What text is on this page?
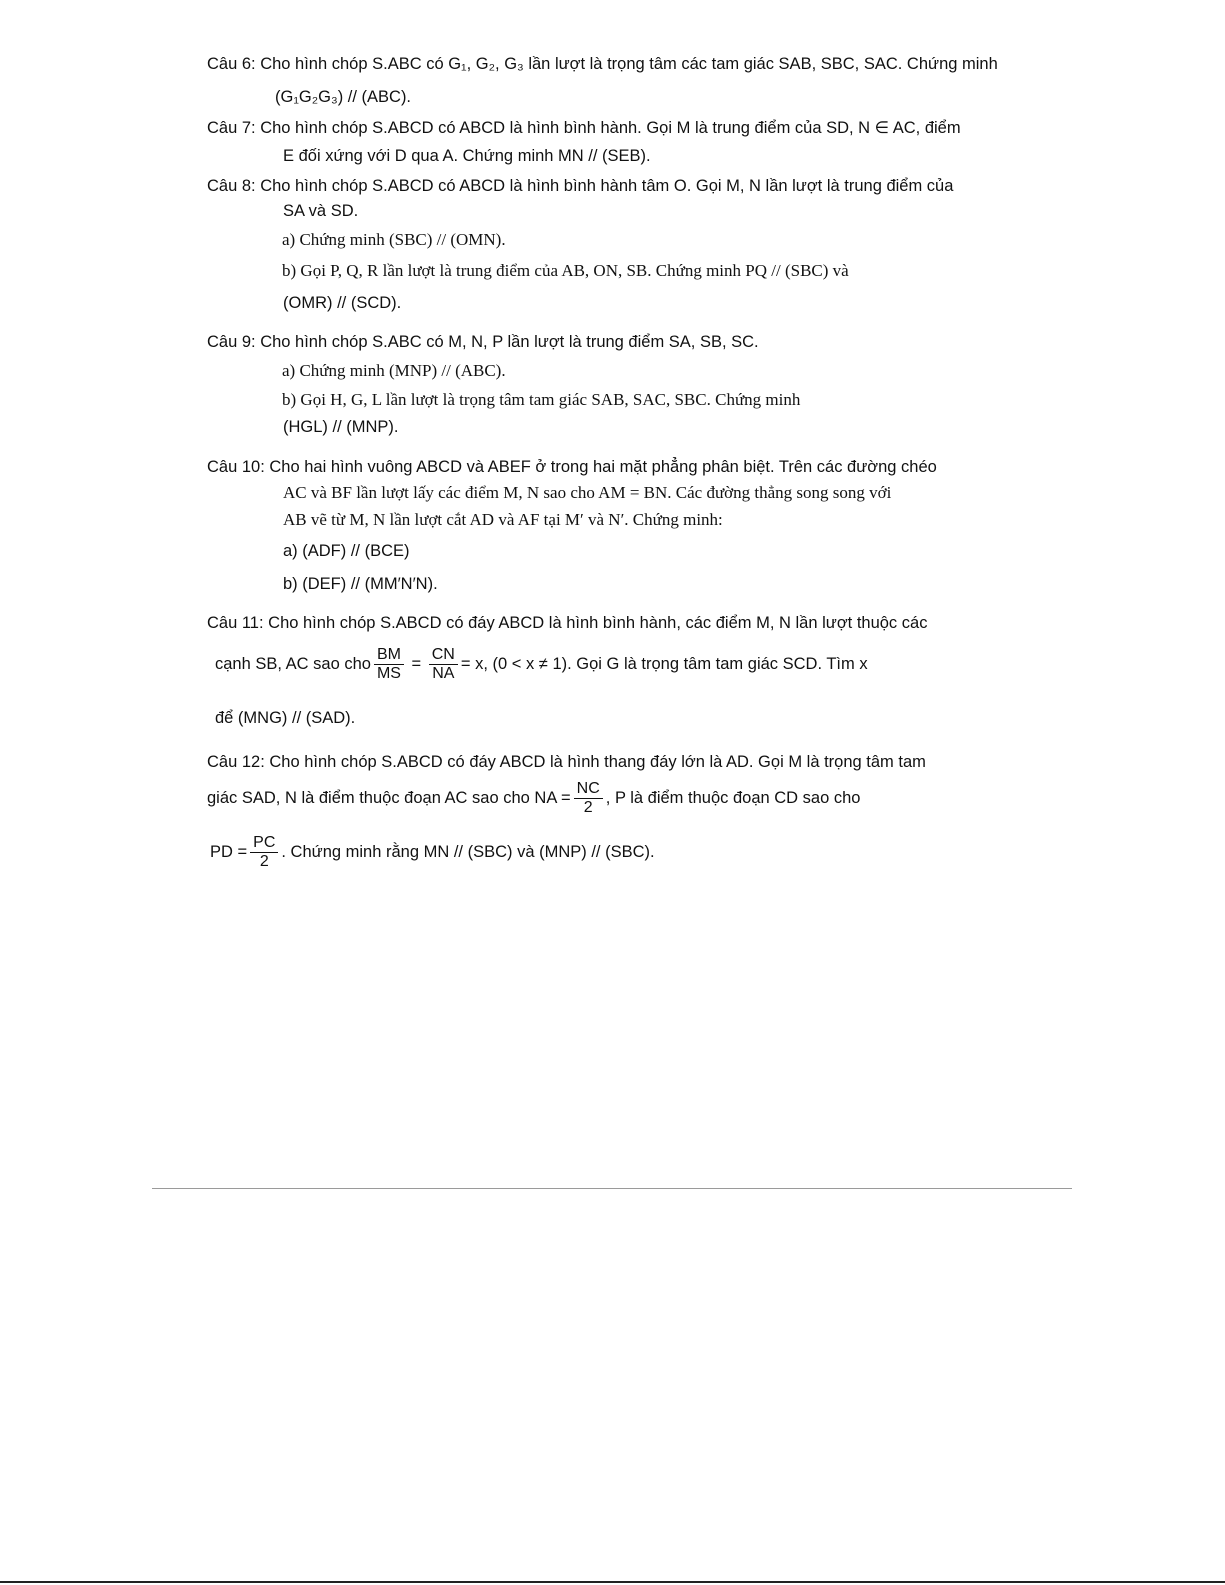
Câu 6: Cho hình chóp S.ABC có G₁, G₂, G₃ lần lượt là trọng tâm các tam giác SAB, SBC, SAC. Chứng minh
(G₁G₂G₃) // (ABC).
Câu 7: Cho hình chóp S.ABCD có ABCD là hình bình hành. Gọi M là trung điểm của SD, N ∈ AC, điểm
E đối xứng với D qua A. Chứng minh MN // (SEB).
Câu 8: Cho hình chóp S.ABCD có ABCD là hình bình hành tâm O. Gọi M, N lần lượt là trung điểm của
SA và SD.
a) Chứng minh (SBC) // (OMN).
b) Gọi P, Q, R lần lượt là trung điểm của AB, ON, SB. Chứng minh PQ // (SBC) và
(OMR) // (SCD).
Câu 9: Cho hình chóp S.ABC có M, N, P lần lượt là trung điểm SA, SB, SC.
a) Chứng minh (MNP) // (ABC).
b) Gọi H, G, L lần lượt là trọng tâm tam giác SAB, SAC, SBC. Chứng minh
(HGL) // (MNP).
Câu 10: Cho hai hình vuông ABCD và ABEF ở trong hai mặt phẳng phân biệt. Trên các đường chéo
AC và BF lần lượt lấy các điểm M, N sao cho AM = BN. Các đường thẳng song song với
AB vẽ từ M, N lần lượt cắt AD và AF tại M′ và N′. Chứng minh:
a) (ADF) // (BCE)
b) (DEF) // (MM′N′N).
Câu 11: Cho hình chóp S.ABCD có đáy ABCD là hình bình hành, các điểm M, N lần lượt thuộc các
cạnh SB, AC sao cho $\frac{BM}{MS} = \frac{CN}{NA} = x$, (0 < x ≠ 1). Gọi G là trọng tâm tam giác SCD. Tìm x
để (MNG) // (SAD).
Câu 12: Cho hình chóp S.ABCD có đáy ABCD là hình thang đáy lớn là AD. Gọi M là trọng tâm tam
giác SAD, N là điểm thuộc đoạn AC sao cho NA = $\frac{NC}{2}$ , P là điểm thuộc đoạn CD sao cho
PD = $\frac{PC}{2}$ . Chứng minh rằng MN // (SBC) và (MNP) // (SBC).
